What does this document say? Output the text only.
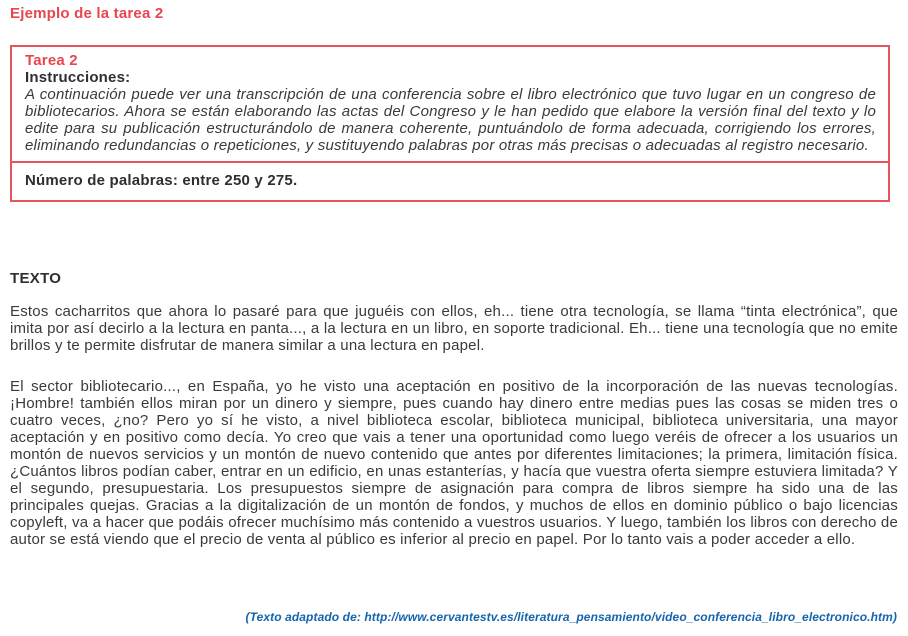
Ejemplo de la tarea 2
Tarea 2
Instrucciones:
A continuación puede ver una transcripción de una conferencia sobre el libro electrónico que tuvo lugar en un congreso de bibliotecarios. Ahora se están elaborando las actas del Congreso y le han pedido que elabore la versión final del texto y lo edite para su publicación estructurándolo de manera coherente, puntuándolo de forma adecuada, corrigiendo los errores, eliminando redundancias o repeticiones, y sustituyendo palabras por otras más precisas o adecuadas al registro necesario.
Número de palabras: entre 250 y 275.
TEXTO

Estos cacharritos que ahora lo pasaré para que juguéis con ellos, eh... tiene otra tecnología, se llama “tinta electrónica”, que imita por así decirlo a la lectura en panta..., a la lectura en un libro, en soporte tradicional. Eh... tiene una tecnología que no emite brillos y te permite disfrutar de manera similar a una lectura en papel.

El sector bibliotecario..., en España, yo he visto una aceptación en positivo de la incorporación de las nuevas tecnologías. ¡Hombre! también ellos miran por un dinero y siempre, pues cuando hay dinero entre medias pues las cosas se miden tres o cuatro veces, ¿no? Pero yo sí he visto, a nivel biblioteca escolar, biblioteca municipal, biblioteca universitaria, una mayor aceptación y en positivo como decía. Yo creo que vais a tener una oportunidad como luego veréis de ofrecer a los usuarios un montón de nuevos servicios y un montón de nuevo contenido que antes por diferentes limitaciones; la primera, limitación física. ¿Cuántos libros podían caber, entrar en un edificio, en unas estanterías, y hacía que vuestra oferta siempre estuviera limitada? Y el segundo, presupuestaria. Los presupuestos siempre de asignación para compra de libros siempre ha sido una de las principales quejas. Gracias a la digitalización de un montón de fondos, y muchos de ellos en dominio público o bajo licencias copyleft, va a hacer que podáis ofrecer muchísimo más contenido a vuestros usuarios. Y luego, también los libros con derecho de autor se está viendo que el precio de venta al público es inferior al precio en papel. Por lo tanto vais a poder acceder a ello.

(Texto adaptado de: http://www.cervantestv.es/literatura_pensamiento/video_conferencia_libro_electronico.htm)
